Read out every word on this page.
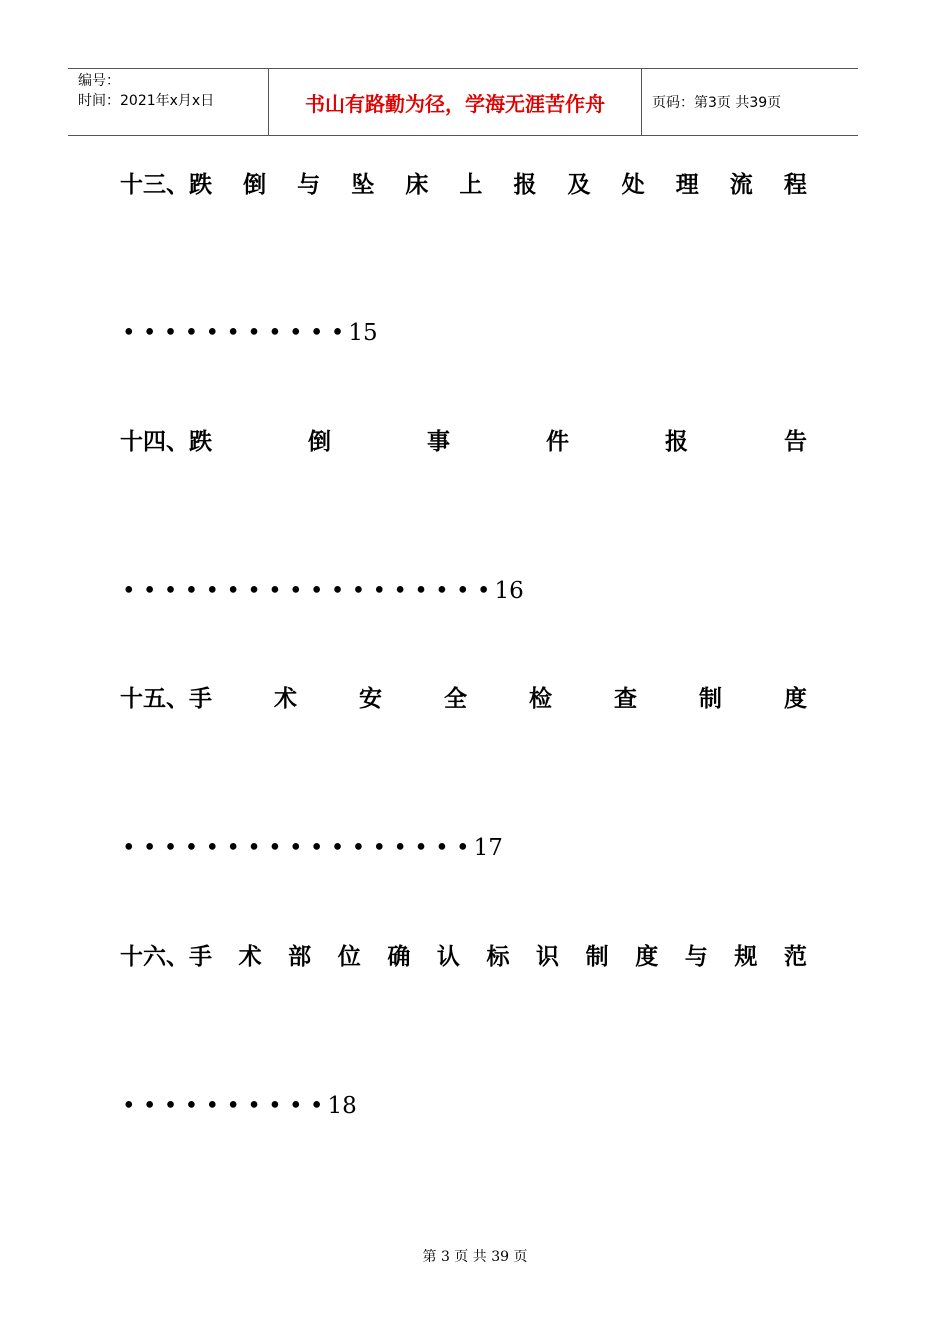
编号：
时间：2021年x月x日	书山有路勤为径，学海无涯苦作舟	页码：第3页 共39页
十三、跌 倒 与 坠 床 上 报 及 处 理 流 程
• • • • • • • • • • • 15
十四、跌	倒	事	件	报	告
• • • • • • • • • • • • • • • • • • 16
十五、手	术	安	全	检	查	制	度
• • • • • • • • • • • • • • • • • 17
十六、手 术 部 位 确 认 标 识 制 度 与 规 范
• • • • • • • • • • 18
第 3 页 共 39 页
